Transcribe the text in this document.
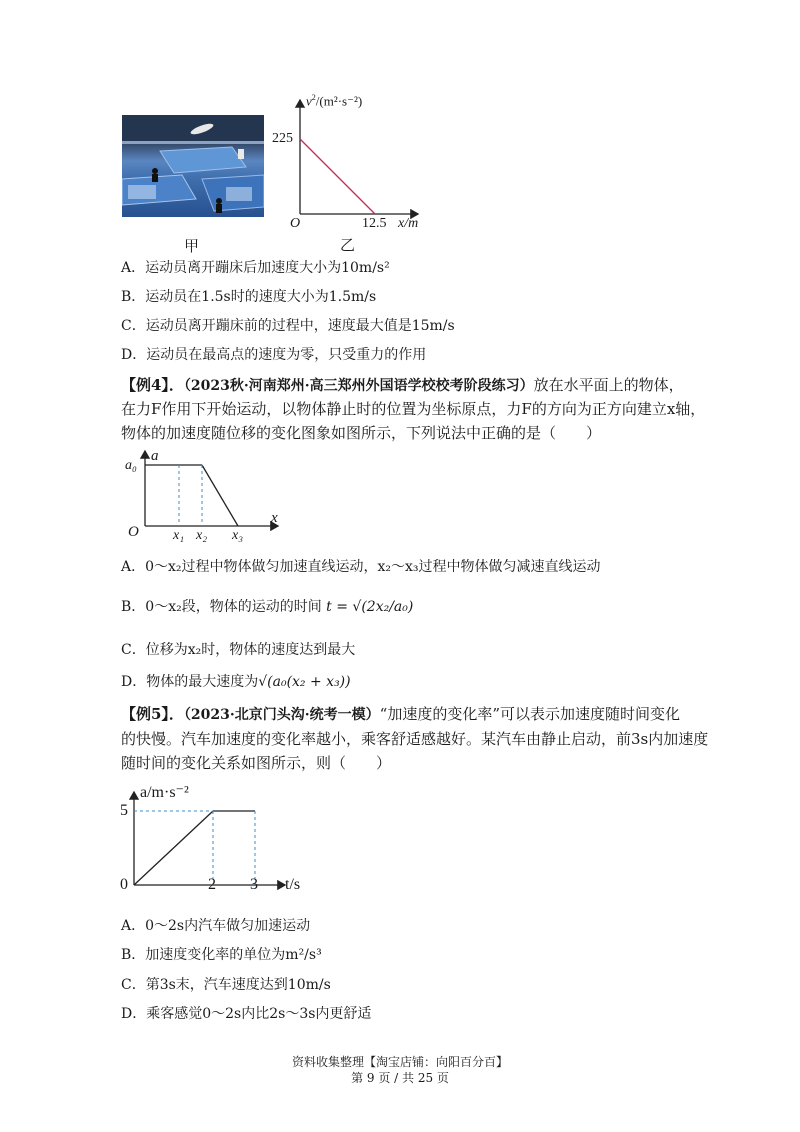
甲
$v^2/(m^2\cdot s^{-2})$
225
O	12.5 x/m
乙
A．运动员离开蹦床后加速度大小为10m/s²
B．运动员在1.5s时的速度大小为1.5m/s
C．运动员离开蹦床前的过程中，速度最大值是15m/s
D．运动员在最高点的速度为零，只受重力的作用
【例4】．（2023秋·河南郑州·高三郑州外国语学校校考阶段练习）放在水平面上的物体，
在力F作用下开始运动，以物体静止时的位置为坐标原点，力F的方向为正方向建立x轴，
物体的加速度随位移的变化图象如图所示，下列说法中正确的是（　　）
a
a₀
O
x
x₁ x₂ x₃
A．0～x₂过程中物体做匀加速直线运动，x₂～x₃过程中物体做匀减速直线运动
B．0～x₂段，物体的运动的时间 t = √(2x₂/a₀)
C．位移为x₂时，物体的速度达到最大
D．物体的最大速度为√(a₀(x₂ + x₃))
【例5】．（2023·北京门头沟·统考一模）“加速度的变化率”可以表示加速度随时间变化
的快慢。汽车加速度的变化率越小，乘客舒适感越好。某汽车由静止启动，前3s内加速度
随时间的变化关系如图所示，则（　　）
a/m·s⁻²
5
0	2 3 t/s
A．0～2s内汽车做匀加速运动
B．加速度变化率的单位为m²/s³
C．第3s末，汽车速度达到10m/s
D．乘客感觉0～2s内比2s～3s内更舒适
资料收集整理【淘宝店铺：向阳百分百】
第 9 页 / 共 25 页
